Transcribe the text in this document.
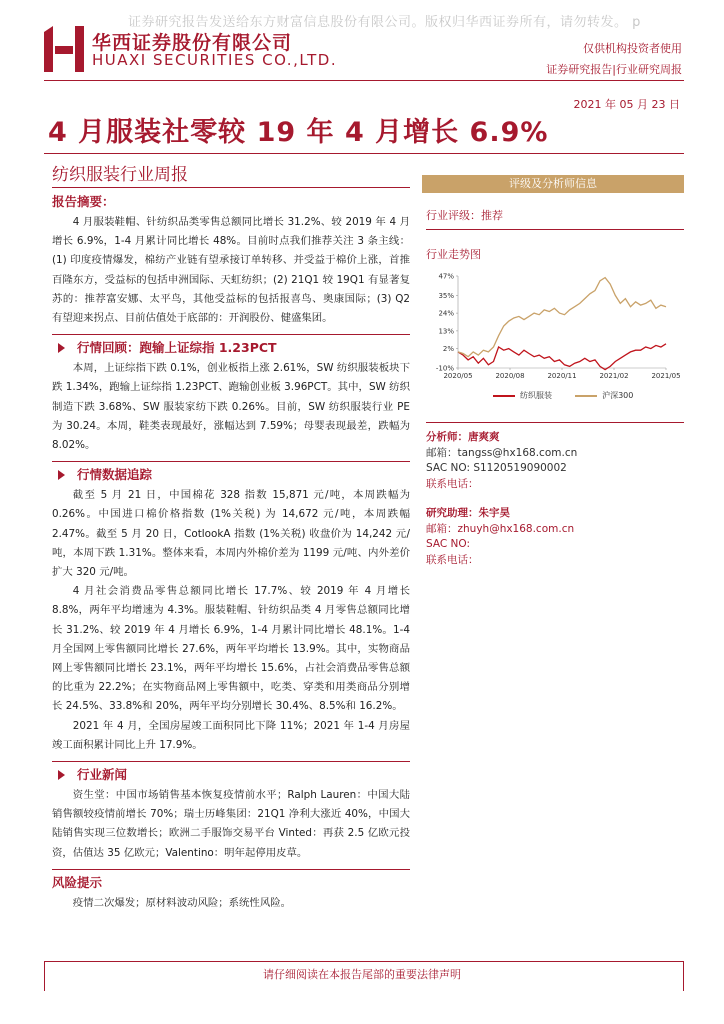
证券研究报告发送给东方财富信息股份有限公司。版权归华西证券所有，请勿转发。 p
华西证券股份有限公司
HUAXI SECURITIES CO.,LTD.
仅供机构投资者使用
证券研究报告|行业研究周报
2021 年 05 月 23 日
4 月服装社零较 19 年 4 月增长 6.9%
纺织服装行业周报	评级及分析师信息
报告摘要：

4 月服装鞋帽、针纺织品类零售总额同比增长 31.2%、较 2019 年 4 月增长 6.9%，1-4 月累计同比增长 48%。目前时点我们推荐关注 3 条主线：(1) 印度疫情爆发，棉纺产业链有望承接订单转移、并受益于棉价上涨，首推百隆东方，受益标的包括申洲国际、天虹纺织；(2) 21Q1 较 19Q1 有显著复苏的：推荐富安娜、太平鸟，其他受益标的包括报喜鸟、奥康国际；(3) Q2 有望迎来拐点、目前估值处于底部的：开润股份、健盛集团。

行情回顾：跑输上证综指 1.23PCT

本周，上证综指下跌 0.1%，创业板指上涨 2.61%，SW 纺织服装板块下跌 1.34%，跑输上证综指 1.23PCT、跑输创业板 3.96PCT。其中，SW 纺织制造下跌 3.68%、SW 服装家纺下跌 0.26%。目前，SW 纺织服装行业 PE 为 30.24。本周，鞋类表现最好，涨幅达到 7.59%；母婴表现最差，跌幅为 8.02%。

行情数据追踪

截至 5 月 21 日，中国棉花 328 指数 15,871 元/吨，本周跌幅为 0.26%。中国进口棉价格指数 (1%关税) 为 14,672 元/吨，本周跌幅 2.47%。截至 5 月 20 日，CotlookA 指数 (1%关税) 收盘价为 14,242 元/吨，本周下跌 1.31%。整体来看，本周内外棉价差为 1199 元/吨、内外差价扩大 320 元/吨。

4 月社会消费品零售总额同比增长 17.7%、较 2019 年 4 月增长 8.8%，两年平均增速为 4.3%。服装鞋帽、针纺织品类 4 月零售总额同比增长 31.2%、较 2019 年 4 月增长 6.9%，1-4 月累计同比增长 48.1%。1-4 月全国网上零售额同比增长 27.6%，两年平均增长 13.9%。其中，实物商品网上零售额同比增长 23.1%，两年平均增长 15.6%，占社会消费品零售总额的比重为 22.2%；在实物商品网上零售额中，吃类、穿类和用类商品分别增长 24.5%、33.8%和 20%，两年平均分别增长 30.4%、8.5%和 16.2%。

2021 年 4 月，全国房屋竣工面积同比下降 11%；2021 年 1-4 月房屋竣工面积累计同比上升 17.9%。

行业新闻

资生堂：中国市场销售基本恢复疫情前水平；Ralph Lauren：中国大陆销售额较疫情前增长 70%；瑞士历峰集团：21Q1 净利大涨近 40%，中国大陆销售实现三位数增长；欧洲二手服饰交易平台 Vinted：再获 2.5 亿欧元投资，估值达 35 亿欧元；Valentino：明年起停用皮草。

风险提示

疫情二次爆发；原材料波动风险；系统性风险。

行业评级：推荐
行业走势图
47%
35%
24%
13%
2%
-10%
2020/05	2020/08	2020/11	2021/02	2021/05
纺织服装	沪深300
分析师：唐爽爽
邮箱：tangss@hx168.com.cn
SAC NO: S1120519090002
联系电话：
研究助理：朱宇昊
邮箱：zhuyh@hx168.com.cn
SAC NO:
联系电话：
请仔细阅读在本报告尾部的重要法律声明
